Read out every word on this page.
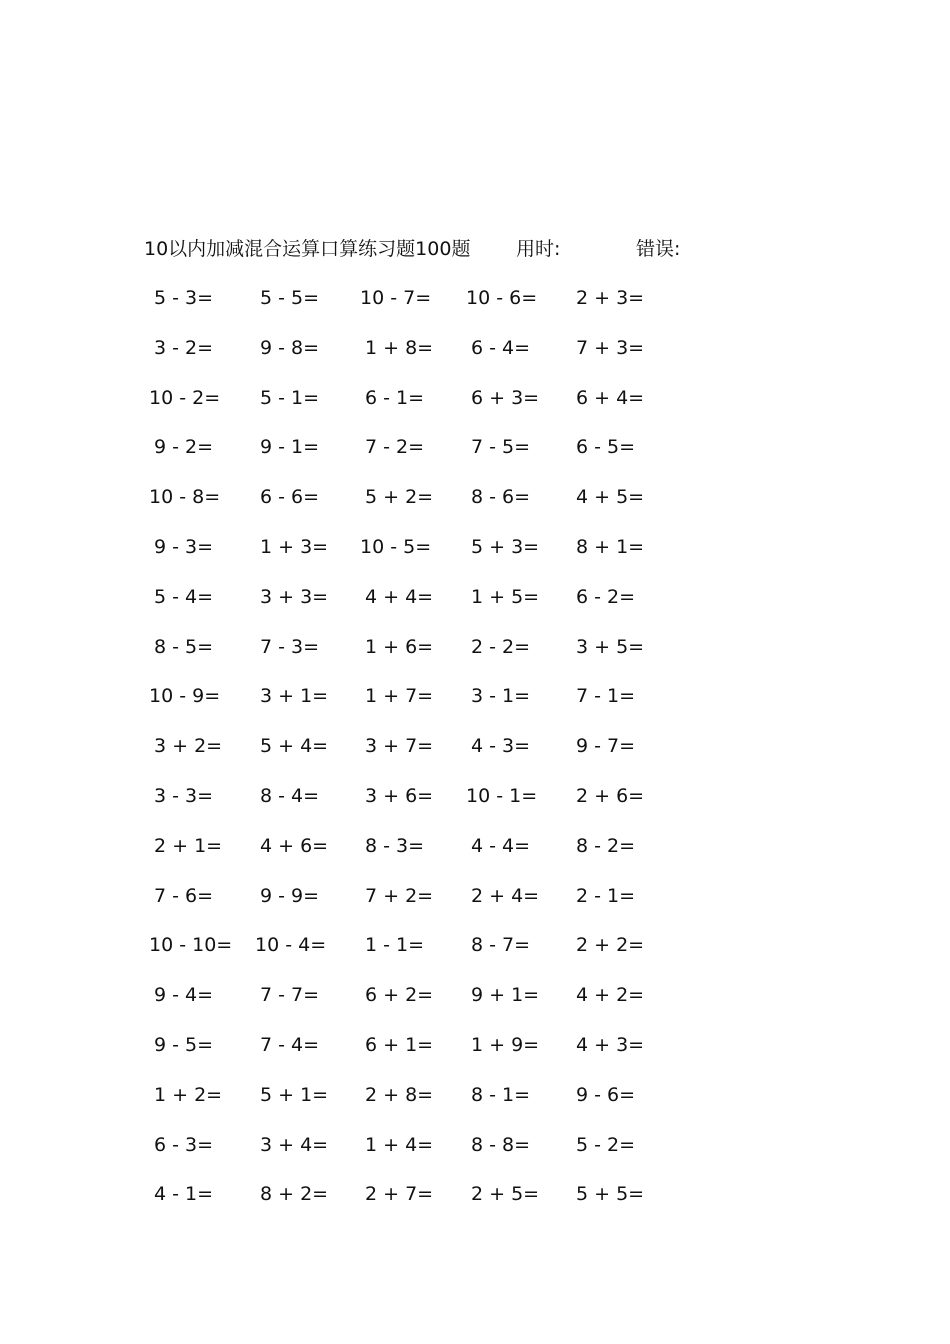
10以内加减混合运算口算练习题100题 用时:	错误:
5 - 3= 5 - 5= 10 - 7= 10 - 6= 2 + 3=
3 - 2= 9 - 8= 1 + 8= 6 - 4= 7 + 3=
10 - 2= 5 - 1= 6 - 1= 6 + 3= 6 + 4=
9 - 2= 9 - 1= 7 - 2= 7 - 5= 6 - 5=
10 - 8= 6 - 6= 5 + 2= 8 - 6= 4 + 5=
9 - 3= 1 + 3= 10 - 5= 5 + 3= 8 + 1=
5 - 4= 3 + 3= 4 + 4= 1 + 5= 6 - 2=
8 - 5= 7 - 3= 1 + 6= 2 - 2= 3 + 5=
10 - 9= 3 + 1= 1 + 7= 3 - 1= 7 - 1=
3 + 2= 5 + 4= 3 + 7= 4 - 3= 9 - 7=
3 - 3= 8 - 4= 3 + 6= 10 - 1= 2 + 6=
2 + 1= 4 + 6= 8 - 3= 4 - 4= 8 - 2=
7 - 6= 9 - 9= 7 + 2= 2 + 4= 2 - 1=
10 - 10= 10 - 4= 1 - 1= 8 - 7= 2 + 2=
9 - 4= 7 - 7= 6 + 2= 9 + 1= 4 + 2=
9 - 5= 7 - 4= 6 + 1= 1 + 9= 4 + 3=
1 + 2= 5 + 1= 2 + 8= 8 - 1= 9 - 6=
6 - 3= 3 + 4= 1 + 4= 8 - 8= 5 - 2=
4 - 1= 8 + 2= 2 + 7= 2 + 5= 5 + 5=
